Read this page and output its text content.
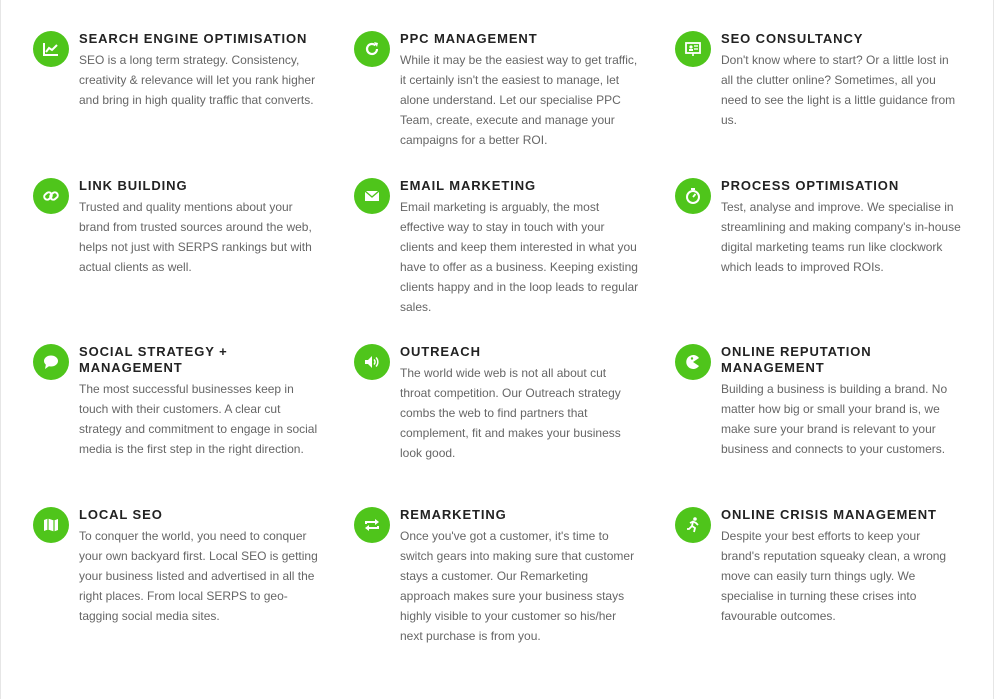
SEARCH ENGINE OPTIMISATION

SEO is a long term strategy. Consistency, creativity & relevance will let you rank higher and bring in high quality traffic that converts.

PPC MANAGEMENT

While it may be the easiest way to get traffic, it certainly isn't the easiest to manage, let alone understand. Let our specialise PPC Team, create, execute and manage your campaigns for a better ROI.

SEO CONSULTANCY

Don't know where to start? Or a little lost in all the clutter online? Sometimes, all you need to see the light is a little guidance from us.

LINK BUILDING

Trusted and quality mentions about your brand from trusted sources around the web, helps not just with SERPS rankings but with actual clients as well.

EMAIL MARKETING

Email marketing is arguably, the most effective way to stay in touch with your clients and keep them interested in what you have to offer as a business. Keeping existing clients happy and in the loop leads to regular sales.

PROCESS OPTIMISATION

Test, analyse and improve. We specialise in streamlining and making company's in-house digital marketing teams run like clockwork which leads to improved ROIs.

SOCIAL STRATEGY + MANAGEMENT

The most successful businesses keep in touch with their customers. A clear cut strategy and commitment to engage in social media is the first step in the right direction.

OUTREACH

The world wide web is not all about cut throat competition. Our Outreach strategy combs the web to find partners that complement, fit and makes your business look good.

ONLINE REPUTATION MANAGEMENT

Building a business is building a brand. No matter how big or small your brand is, we make sure your brand is relevant to your business and connects to your customers.

LOCAL SEO

To conquer the world, you need to conquer your own backyard first. Local SEO is getting your business listed and advertised in all the right places. From local SERPS to geo-tagging social media sites.

REMARKETING

Once you've got a customer, it's time to switch gears into making sure that customer stays a customer. Our Remarketing approach makes sure your business stays highly visible to your customer so his/her next purchase is from you.

ONLINE CRISIS MANAGEMENT

Despite your best efforts to keep your brand's reputation squeaky clean, a wrong move can easily turn things ugly. We specialise in turning these crises into favourable outcomes.
